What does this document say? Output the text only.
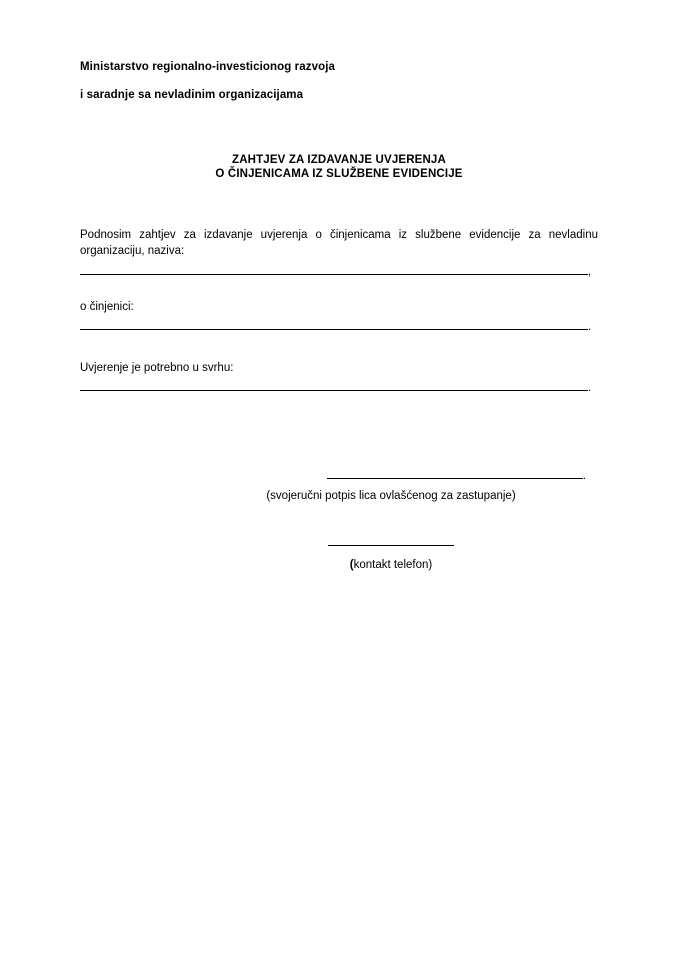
Ministarstvo regionalno-investicionog razvoja
i saradnje sa nevladinim organizacijama
ZAHTJEV ZA IZDAVANJE UVJERENJA
O ČINJENICAMA IZ SLUŽBENE EVIDENCIJE
Podnosim zahtjev za izdavanje uvjerenja o činjenicama iz službene evidencije za nevladinu organizaciju, naziva:
,
o činjenici:
.
Uvjerenje je potrebno u svrhu:
.
.
(svojeručni potpis lica ovlašćenog za zastupanje)
(kontakt telefon)
